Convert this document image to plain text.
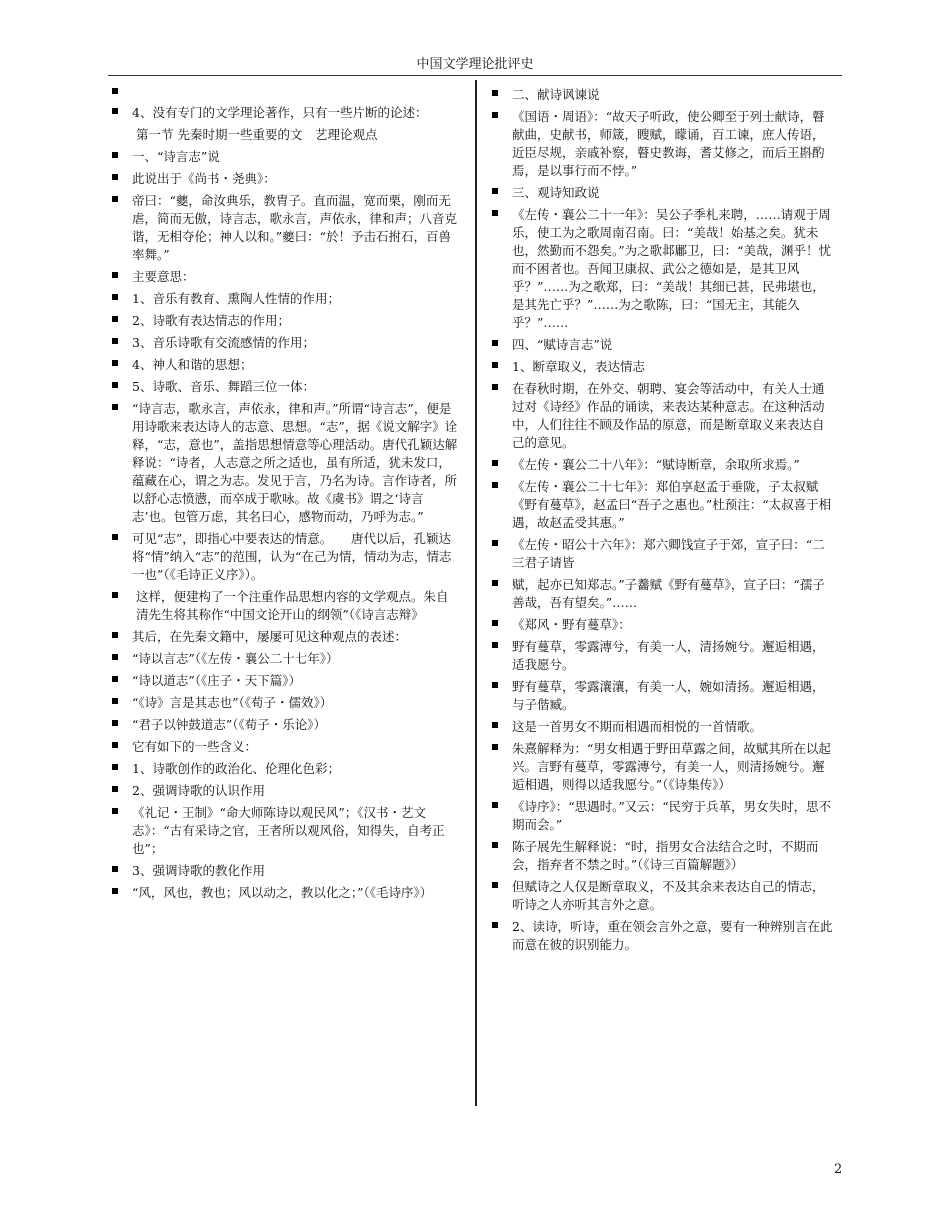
中国文学理论批评史
4、没有专门的文学理论著作，只有一些片断的论述：
第一节 先秦时期一些重要的文　艺理论观点
一、“诗言志”说
此说出于《尚书・尧典》：
帝曰：“夔，命汝典乐，教胄子。直而温，宽而栗，刚而无虐，简而无傲，诗言志，歌永言，声依永，律和声；八音克谐，无相夺伦；神人以和。”夔曰：“於！予击石拊石，百兽率舞。”
主要意思：
1、音乐有教育、熏陶人性情的作用；
2、诗歌有表达情志的作用；
3、音乐诗歌有交流感情的作用；
4、神人和谐的思想；
5、诗歌、音乐、舞蹈三位一体：
“诗言志，歌永言，声依永，律和声。”所谓“诗言志”，便是用诗歌来表达诗人的志意、思想。“志”，据《说文解字》诠释，“志，意也”，盖指思想情意等心理活动。唐代孔颖达解释说：“诗者，人志意之所之适也，虽有所适，犹未发口，蕴藏在心，谓之为志。发见于言，乃名为诗。言作诗者，所以舒心志愤懑，而卒成于歌咏。故《虞书》谓之‘诗言志’也。包管万虑，其名曰心，感物而动，乃呼为志。”
可见“志”，即指心中要表达的情意。　　唐代以后，孔颖达将“情”纳入“志”的范围，认为“在己为情，情动为志，情志一也”（《毛诗正义序》）。
这样，便建构了一个注重作品思想内容的文学观点。朱自清先生将其称作“中国文论开山的纲领”（《诗言志辩》
其后，在先秦文籍中，屡屡可见这种观点的表述：
“诗以言志”（《左传・襄公二十七年》）
“诗以道志”（《庄子・天下篇》）
“《诗》言是其志也”（《荀子・儒效》）
“君子以钟鼓道志”（《荀子・乐论》）
它有如下的一些含义：
1、诗歌创作的政治化、伦理化色彩；
2、强调诗歌的认识作用
《礼记・王制》“命大师陈诗以观民风”；《汉书・艺文志》：“古有采诗之官，王者所以观风俗，知得失，自考正也”；
3、强调诗歌的教化作用
“风，风也，教也；风以动之，教以化之；”（《毛诗序》）
二、献诗讽谏说
《国语・周语》：“故天子听政，使公卿至于列士献诗，瞽献曲，史献书，师箴，瞍赋，矇诵，百工谏，庶人传语，近臣尽规，亲戚补察，瞽史教诲，耆艾修之，而后王斟酌焉，是以事行而不悖。”
三、观诗知政说
《左传・襄公二十一年》：吴公子季札来聘，……请观于周乐，使工为之歌周南召南。曰：“美哉！始基之矣。犹未也，然勤而不怨矣。”为之歌邶鄘卫，曰：“美哉，渊乎！忧而不困者也。吾闻卫康叔、武公之德如是，是其卫风乎？”……为之歌郑，曰：“美哉！其细已甚，民弗堪也，是其先亡乎？”……为之歌陈，曰：“国无主，其能久乎？”……
四、“赋诗言志”说
1、断章取义，表达情志
在春秋时期，在外交、朝聘、宴会等活动中，有关人士通过对《诗经》作品的诵读，来表达某种意志。在这种活动中，人们往往不顾及作品的原意，而是断章取义来表达自己的意见。
《左传・襄公二十八年》：“赋诗断章，余取所求焉。”
《左传・襄公二十七年》：郑伯享赵孟于垂陇，子太叔赋《野有蔓草》，赵孟曰“吾子之惠也。”杜预注：“太叔喜于相遇，故赵孟受其惠。”
《左传・昭公十六年》：郑六卿饯宣子于郊，宣子曰：“二三君子请皆
赋，起亦已知郑志。”子齹赋《野有蔓草》，宣子曰：“孺子善哉，吾有望矣。”……
《郑风・野有蔓草》：
野有蔓草，零露漙兮，有美一人，清扬婉兮。邂逅相遇，适我愿兮。
野有蔓草，零露瀼瀼，有美一人，婉如清扬。邂逅相遇，与子偕臧。
这是一首男女不期而相遇而相悦的一首情歌。
朱熹解释为：“男女相遇于野田草露之间，故赋其所在以起兴。言野有蔓草，零露漙兮，有美一人，则清扬婉兮。邂逅相遇，则得以适我愿兮。”（《诗集传》）
《诗序》：“思遇时。”又云：“民穷于兵革，男女失时，思不期而会。”
陈子展先生解释说：“时，指男女合法结合之时，不期而会，指弃者不禁之时。”（《诗三百篇解题》）
但赋诗之人仅是断章取义，不及其余来表达自己的情志，听诗之人亦听其言外之意。
2、读诗，听诗，重在领会言外之意，要有一种辨别言在此而意在彼的识别能力。
2
